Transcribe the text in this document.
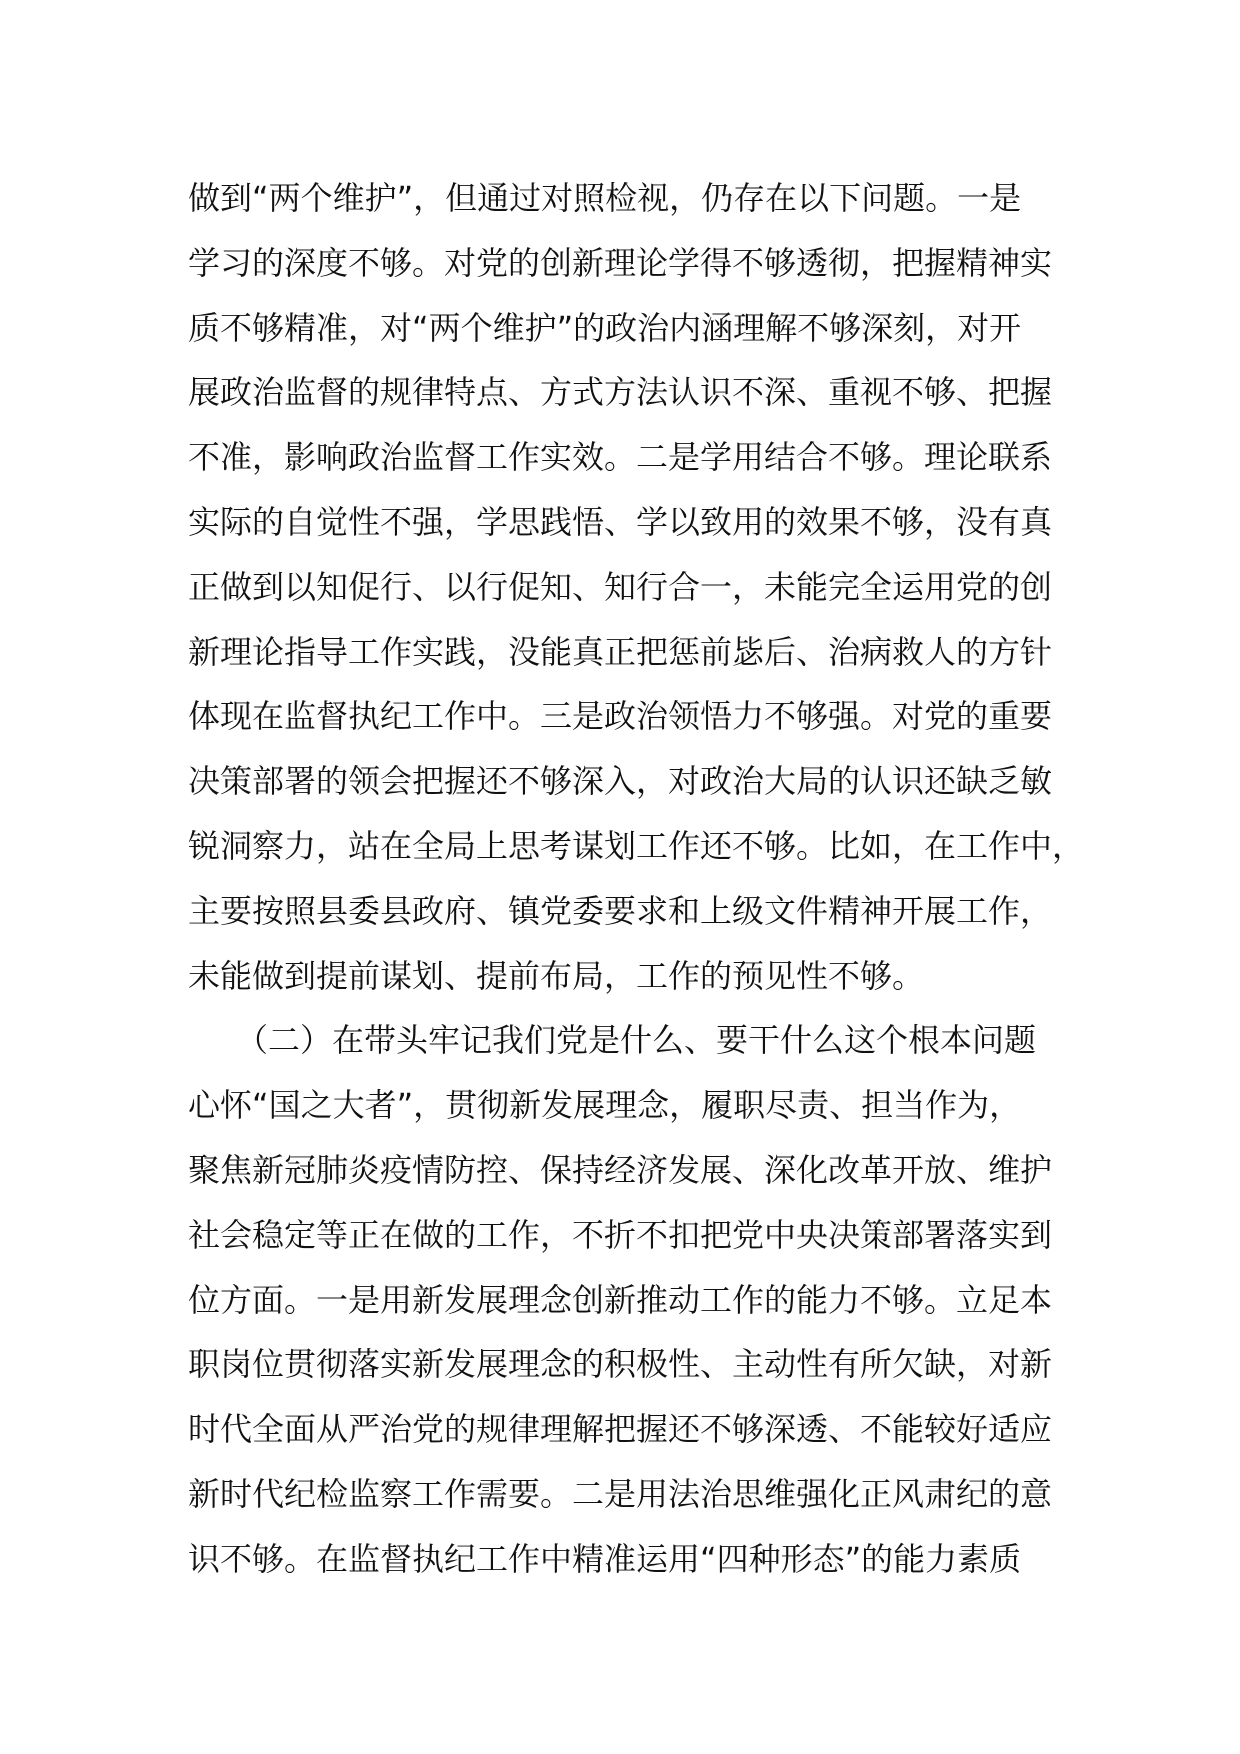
做到“两个维护”，但通过对照检视，仍存在以下问题。一是
学习的深度不够。对党的创新理论学得不够透彻，把握精神实
质不够精准，对“两个维护”的政治内涵理解不够深刻，对开
展政治监督的规律特点、方式方法认识不深、重视不够、把握
不准，影响政治监督工作实效。二是学用结合不够。理论联系
实际的自觉性不强，学思践悟、学以致用的效果不够，没有真
正做到以知促行、以行促知、知行合一，未能完全运用党的创
新理论指导工作实践，没能真正把惩前毖后、治病救人的方针
体现在监督执纪工作中。三是政治领悟力不够强。对党的重要
决策部署的领会把握还不够深入，对政治大局的认识还缺乏敏
锐洞察力，站在全局上思考谋划工作还不够。比如，在工作中，
主要按照县委县政府、镇党委要求和上级文件精神开展工作，
未能做到提前谋划、提前布局，工作的预见性不够。
　　（二）在带头牢记我们党是什么、要干什么这个根本问题
心怀“国之大者”，贯彻新发展理念，履职尽责、担当作为，
聚焦新冠肺炎疫情防控、保持经济发展、深化改革开放、维护
社会稳定等正在做的工作，不折不扣把党中央决策部署落实到
位方面。一是用新发展理念创新推动工作的能力不够。立足本
职岗位贯彻落实新发展理念的积极性、主动性有所欠缺，对新
时代全面从严治党的规律理解把握还不够深透、不能较好适应
新时代纪检监察工作需要。二是用法治思维强化正风肃纪的意
识不够。在监督执纪工作中精准运用“四种形态”的能力素质
